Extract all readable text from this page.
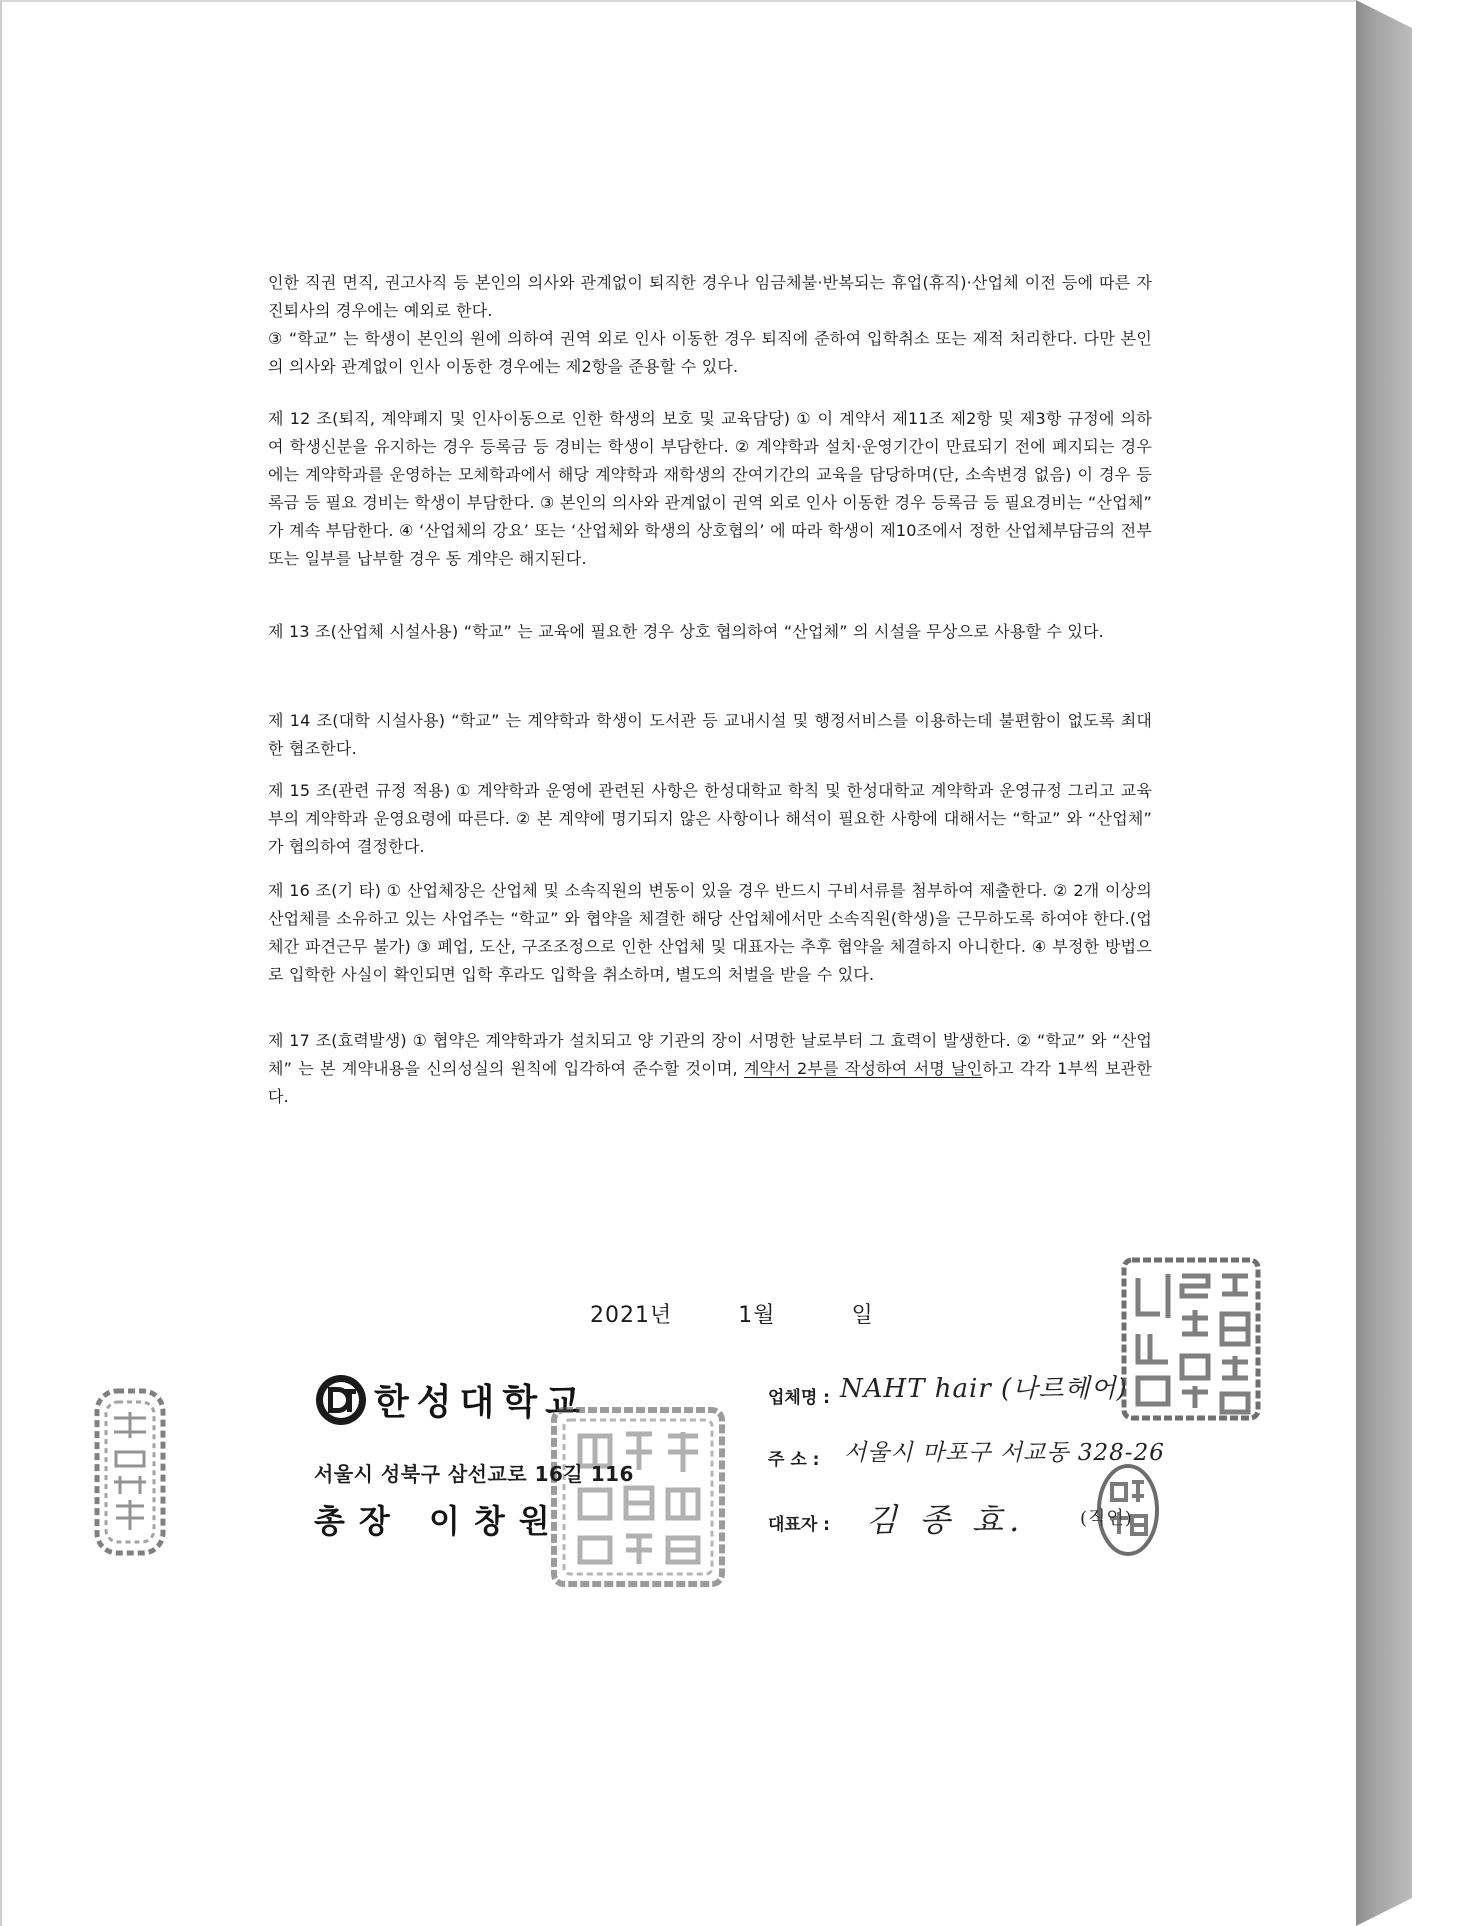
인한 직권 면직, 권고사직 등 본인의 의사와 관계없이 퇴직한 경우나 임금체불·반복되는 휴업(휴직)·산업체 이전 등에 따른 자진퇴사의 경우에는 예외로 한다.

③ “학교” 는 학생이 본인의 원에 의하여 권역 외로 인사 이동한 경우 퇴직에 준하여 입학취소 또는 제적 처리한다. 다만 본인의 의사와 관계없이 인사 이동한 경우에는 제2항을 준용할 수 있다.

제 12 조(퇴직, 계약폐지 및 인사이동으로 인한 학생의 보호 및 교육담당) ① 이 계약서 제11조 제2항 및 제3항 규정에 의하여 학생신분을 유지하는 경우 등록금 등 경비는 학생이 부담한다. ② 계약학과 설치·운영기간이 만료되기 전에 폐지되는 경우에는 계약학과를 운영하는 모체학과에서 해당 계약학과 재학생의 잔여기간의 교육을 담당하며(단, 소속변경 없음) 이 경우 등록금 등 필요 경비는 학생이 부담한다. ③ 본인의 의사와 관계없이 권역 외로 인사 이동한 경우 등록금 등 필요경비는 “산업체” 가 계속 부담한다. ④ ‘산업체의 강요’ 또는 ‘산업체와 학생의 상호협의’ 에 따라 학생이 제10조에서 정한 산업체부담금의 전부 또는 일부를 납부할 경우 동 계약은 해지된다.

제 13 조(산업체 시설사용) “학교” 는 교육에 필요한 경우 상호 협의하여 “산업체” 의 시설을 무상으로 사용할 수 있다.

제 14 조(대학 시설사용) “학교” 는 계약학과 학생이 도서관 등 교내시설 및 행정서비스를 이용하는데 불편함이 없도록 최대한 협조한다.

제 15 조(관련 규정 적용) ① 계약학과 운영에 관련된 사항은 한성대학교 학칙 및 한성대학교 계약학과 운영규정 그리고 교육부의 계약학과 운영요령에 따른다. ② 본 계약에 명기되지 않은 사항이나 해석이 필요한 사항에 대해서는 “학교” 와 “산업체” 가 협의하여 결정한다.

제 16 조(기 타) ① 산업체장은 산업체 및 소속직원의 변동이 있을 경우 반드시 구비서류를 첨부하여 제출한다. ② 2개 이상의 산업체를 소유하고 있는 사업주는 “학교” 와 협약을 체결한 해당 산업체에서만 소속직원(학생)을 근무하도록 하여야 한다.(업체간 파견근무 불가) ③ 폐업, 도산, 구조조정으로 인한 산업체 및 대표자는 추후 협약을 체결하지 아니한다. ④ 부정한 방법으로 입학한 사실이 확인되면 입학 후라도 입학을 취소하며, 별도의 처벌을 받을 수 있다.

제 17 조(효력발생) ① 협약은 계약학과가 설치되고 양 기관의 장이 서명한 날로부터 그 효력이 발생한다. ② “학교” 와 “산업체” 는 본 계약내용을 신의성실의 원칙에 입각하여 준수할 것이며, 계약서 2부를 작성하여 서명 날인하고 각각 1부씩 보관한다.

2021년	1월	일
한성대학교
서울시 성북구 삼선교로 16길 116
총장 이창원
업체명 : NAHT hair (나르헤어)
주 소 : 서울시 마포구 서교동 328-26
대표자 : 김 종 효.	(직인)
